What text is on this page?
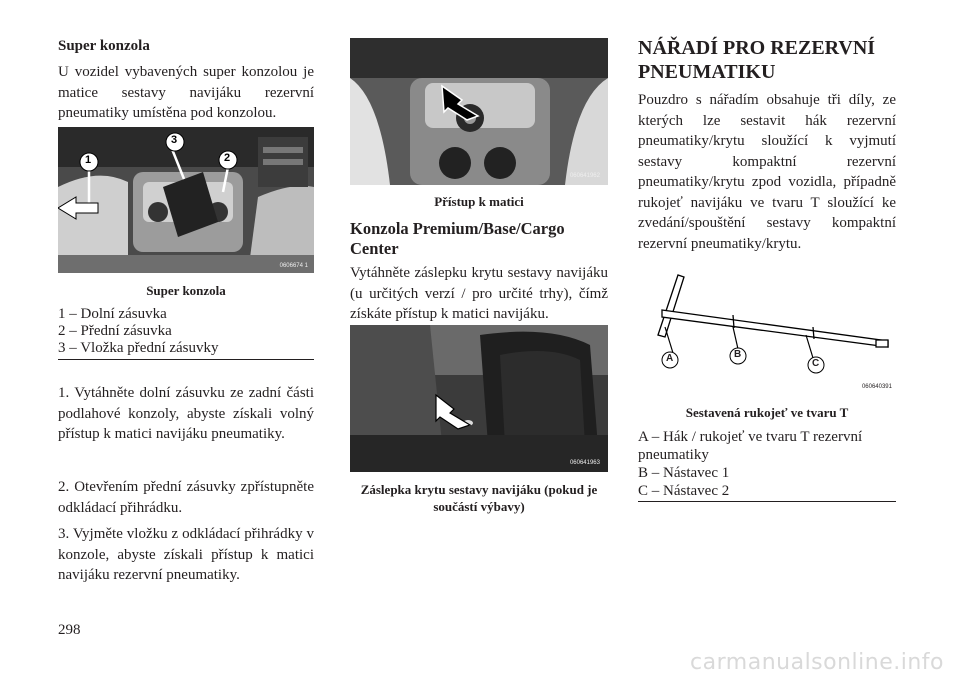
Super konzola

U vozidel vybavených super konzolou je matice sestavy navijáku rezervní pneumatiky umístěna pod konzolou.

1
3
2
0606674 1
Super konzola
1 – Dolní zásuvka
2 – Přední zásuvka
3 – Vložka přední zásuvky

1. Vytáhněte dolní zásuvku ze zadní části podlahové konzoly, abyste získali volný přístup k matici navijáku pneumatiky.

2. Otevřením přední zásuvky zpřístupněte odkládací přihrádku.

3. Vyjměte vložku z odkládací přihrádky v konzole, abyste získali přístup k matici navijáku rezervní pneumatiky.

060641962
Přístup k matici
Konzola Premium/Base/Cargo Center

Vytáhněte záslepku krytu sestavy navijáku (u určitých verzí / pro určité trhy), čímž získáte přístup k matici navijáku.

060641963
Záslepka krytu sestavy navijáku (pokud je součástí výbavy)
NÁŘADÍ PRO REZERVNÍ PNEUMATIKU

Pouzdro s nářadím obsahuje tři díly, ze kterých lze sestavit hák rezervní pneumatiky/krytu sloužící k vyjmutí sestavy kompaktní rezervní pneumatiky/krytu zpod vozidla, případně rukojeť navijáku ve tvaru T sloužící ke zvedání/spouštění sestavy kompaktní rezervní pneumatiky/krytu.

A	B
C
060640391
Sestavená rukojeť ve tvaru T
A – Hák / rukojeť ve tvaru T rezervní pneumatiky
B – Nástavec 1
C – Nástavec 2
298
carmanualsonline.info
